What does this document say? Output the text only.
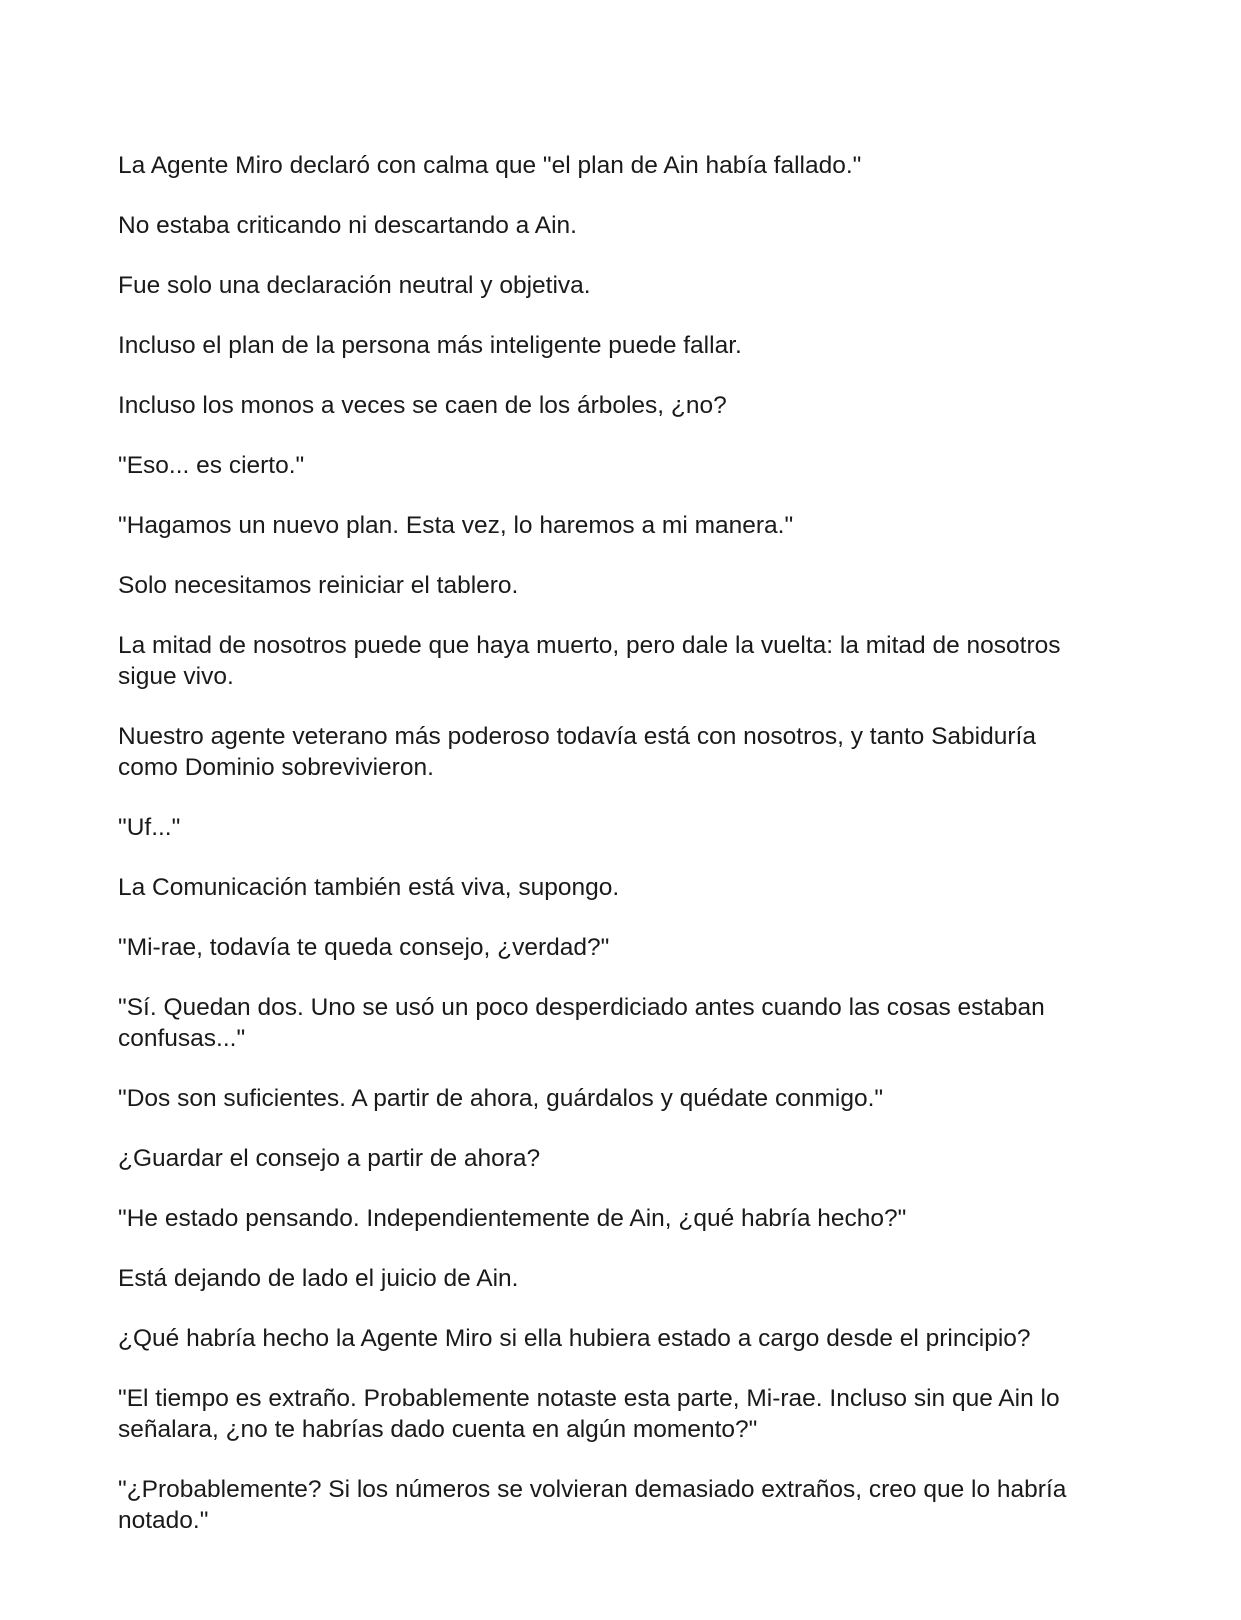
La Agente Miro declaró con calma que "el plan de Ain había fallado."

No estaba criticando ni descartando a Ain.

Fue solo una declaración neutral y objetiva.

Incluso el plan de la persona más inteligente puede fallar.

Incluso los monos a veces se caen de los árboles, ¿no?

"Eso... es cierto."

"Hagamos un nuevo plan. Esta vez, lo haremos a mi manera."

Solo necesitamos reiniciar el tablero.

La mitad de nosotros puede que haya muerto, pero dale la vuelta: la mitad de nosotros sigue vivo.

Nuestro agente veterano más poderoso todavía está con nosotros, y tanto Sabiduría como Dominio sobrevivieron.

"Uf..."

La Comunicación también está viva, supongo.

"Mi-rae, todavía te queda consejo, ¿verdad?"

"Sí. Quedan dos. Uno se usó un poco desperdiciado antes cuando las cosas estaban confusas..."

"Dos son suficientes. A partir de ahora, guárdalos y quédate conmigo."

¿Guardar el consejo a partir de ahora?

"He estado pensando. Independientemente de Ain, ¿qué habría hecho?"

Está dejando de lado el juicio de Ain.

¿Qué habría hecho la Agente Miro si ella hubiera estado a cargo desde el principio?

"El tiempo es extraño. Probablemente notaste esta parte, Mi-rae. Incluso sin que Ain lo señalara, ¿no te habrías dado cuenta en algún momento?"

"¿Probablemente? Si los números se volvieran demasiado extraños, creo que lo habría notado."
